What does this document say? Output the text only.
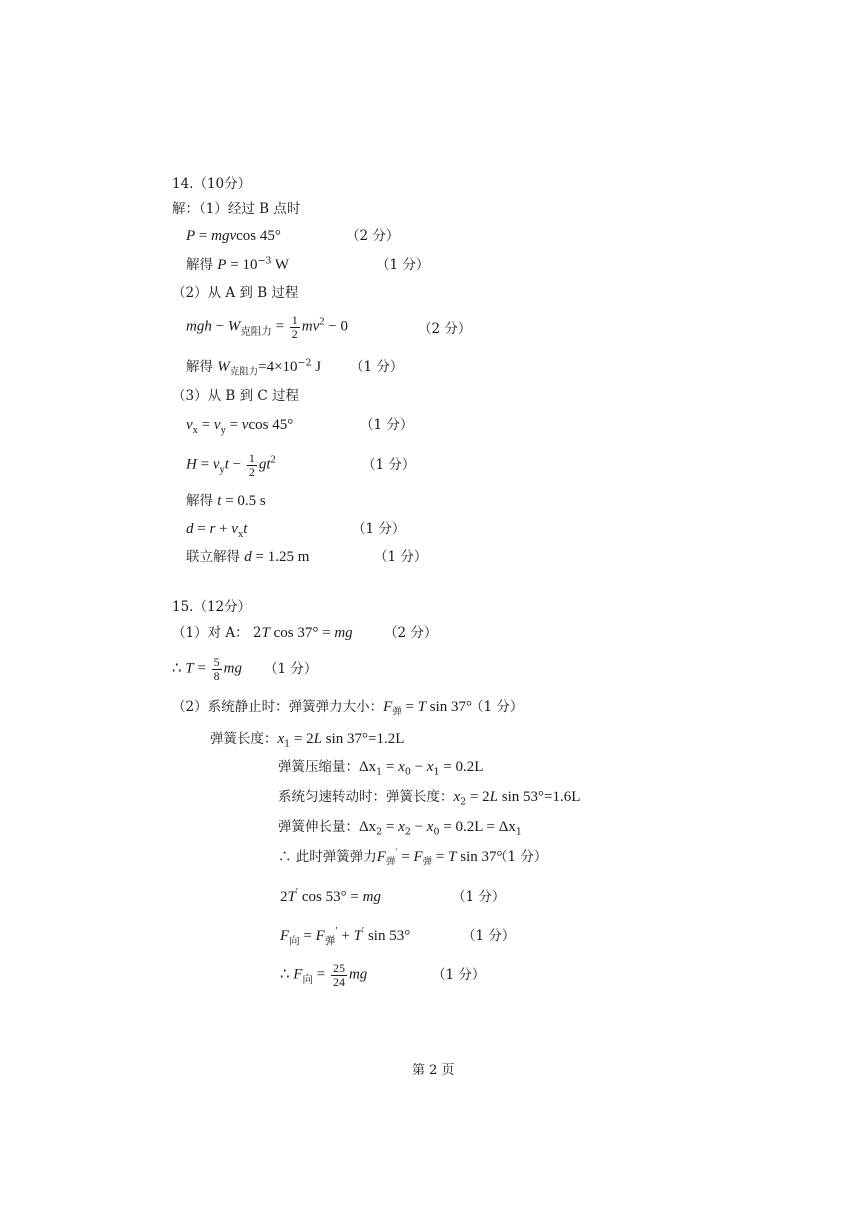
14.（10分）
解：（1）经过 B 点时
P = mgvcos 45°	（2 分）
解得 $P = 10^{-3}$ W	（1 分）
（2）从 A 到 B 过程
mgh − $W_{克阻力} = \frac{1}{2} mv^2 - 0$	（2 分）
解得 $W_{克阻力}=4\times 10^{-2}$ J （1 分）
（3）从 B 到 C 过程
$v_x = v_y = vcos$ 45°	（1 分）
$H = v_yt - \frac{1}{2} gt^2$	（1 分）
解得 t = 0.5 s
$d = r + v_xt$	（1 分）
联立解得 d = 1.25 m	（1 分）
15.（12分）
（1）对 A： 2T cos 37° = mg （2 分）
∴ $T = \frac{5}{8}$ mg （1 分）
（2）系统静止时：弹簧弹力大小：$F_弹 = T$ sin 37°
（1 分）
弹簧长度：$x_1 = 2L$ sin 37°=1.2L
弹簧压缩量：$\Delta x_1 = x_0 - x_1 = 0.2L$
系统匀速转动时：弹簧长度：$x_2 = 2L$ sin 53°=1.6L
弹簧伸长量：$\Delta x_2 = x_2 - x_0 = 0.2L = \Delta x_1$
∴ 此时弹簧弹力$F_弹' = F_弹 = T$ sin 37°
（1 分）
2T′ cos 53° = mg	（1 分）
$F_向 = F_弹' + T'$ sin 53°	（1 分）
∴ $F_向 = \frac{25}{24}$ mg	（1 分）
第 2 页
